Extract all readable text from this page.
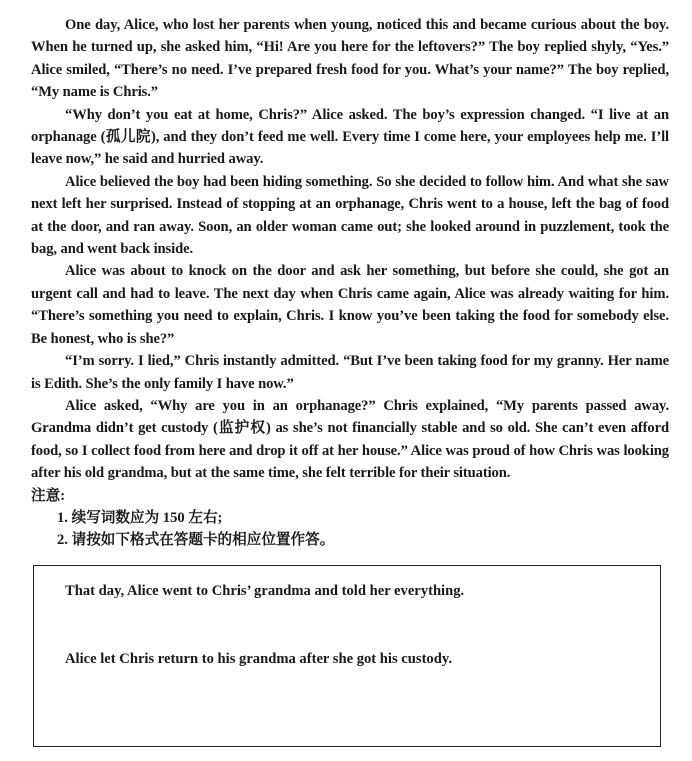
One day, Alice, who lost her parents when young, noticed this and became curious about the boy. When he turned up, she asked him, “Hi! Are you here for the leftovers?” The boy replied shyly, “Yes.” Alice smiled, “There’s no need. I’ve prepared fresh food for you. What’s your name?” The boy replied, “My name is Chris.”

“Why don’t you eat at home, Chris?” Alice asked. The boy’s expression changed. “I live at an orphanage (孤儿院), and they don’t feed me well. Every time I come here, your employees help me. I’ll leave now,” he said and hurried away.

Alice believed the boy had been hiding something. So she decided to follow him. And what she saw next left her surprised. Instead of stopping at an orphanage, Chris went to a house, left the bag of food at the door, and ran away. Soon, an older woman came out; she looked around in puzzlement, took the bag, and went back inside.

Alice was about to knock on the door and ask her something, but before she could, she got an urgent call and had to leave. The next day when Chris came again, Alice was already waiting for him. “There’s something you need to explain, Chris. I know you’ve been taking the food for somebody else. Be honest, who is she?”

“I’m sorry. I lied,” Chris instantly admitted. “But I’ve been taking food for my granny. Her name is Edith. She’s the only family I have now.”

Alice asked, “Why are you in an orphanage?” Chris explained, “My parents passed away. Grandma didn’t get custody (监护权) as she’s not financially stable and so old. She can’t even afford food, so I collect food from here and drop it off at her house.” Alice was proud of how Chris was looking after his old grandma, but at the same time, she felt terrible for their situation.

注意:

1. 续写词数应为 150 左右;

2. 请按如下格式在答题卡的相应位置作答。

That day, Alice went to Chris’ grandma and told her everything.

Alice let Chris return to his grandma after she got his custody.
